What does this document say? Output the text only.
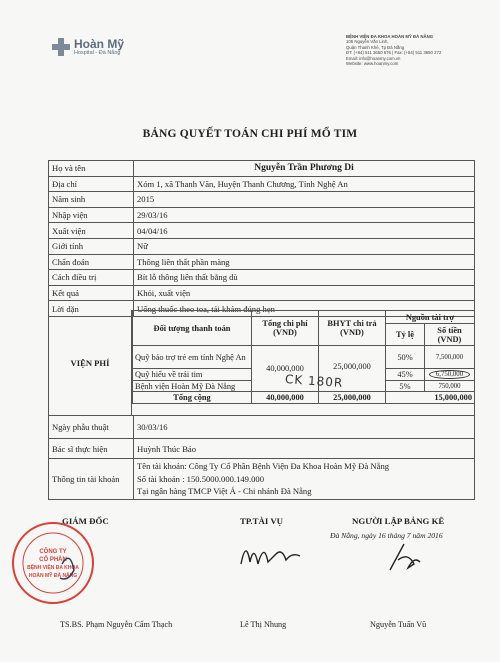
Hoàn Mỹ
Hospital - Đà Nẵng
BỆNH VIỆN ĐA KHOA HOÀN MỸ ĐÀ NẴNG
105 Nguyễn Văn Linh,
Quận Thanh Khê, Tp Đà Nẵng
ĐT: (+84) 511 3650 676 | Fax: (+84) 511 3650 272
Email: info@hoanmy.com.vn
Website: www.hoanmy.com
BẢNG QUYẾT TOÁN CHI PHÍ MỔ TIM
Họ và tên	Nguyễn Trần Phương Di
Địa chỉ	Xóm 1, xã Thanh Văn, Huyện Thanh Chương, Tỉnh Nghệ An
Năm sinh	2015
Nhập viện	29/03/16
Xuất viện	04/04/16
Giới tính	Nữ
Chẩn đoán	Thông liên thất phần màng
Cách điều trị	Bít lỗ thông liên thất bằng dù
Kết quả	Khỏi, xuất viện
Lời dặn	Uống thuốc theo toa, tái khám đúng hẹn
VIỆN PHÍ
Đối tượng thanh toán	Tổng chi phí (VND)	BHYT chi trả (VND)	Nguồn tài trợ	
			Tỷ lệ	Số tiền (VND)
Quỹ bảo trợ trẻ em tỉnh Nghệ An	40,000,000	25,000,000	50%	7,500,000
Quỹ hiểu về trái tim			45%	6,750,000
Bệnh viện Hoàn Mỹ Đà Nẵng			5%	750,000
Tổng cộng	40,000,000	25,000,000	15,000,000	
CK 180R
Ngày phẫu thuật	30/03/16
Bác sĩ thực hiện	Huỳnh Thúc Bảo
Thông tin tài khoản	Tên tài khoản: Công Ty Cổ Phần Bệnh Viện Đa Khoa Hoàn Mỹ Đà Nẵng
Số tài khoản : 150.5000.000.149.000
Tại ngân hàng TMCP Việt Á - Chi nhánh Đà Nẵng
Đà Nẵng, ngày 16 tháng 7 năm 2016
GIÁM ĐỐC	TP.TÀI VỤ	NGƯỜI LẬP BẢNG KÊ
CÔNG TY
CỔ PHẦN
BỆNH VIỆN ĐA KHOA
HOÀN MỸ ĐÀ NẴNG
TS.BS. Phạm Nguyễn Cẩm Thạch	Lê Thị Nhung	Nguyễn Tuấn Vũ
